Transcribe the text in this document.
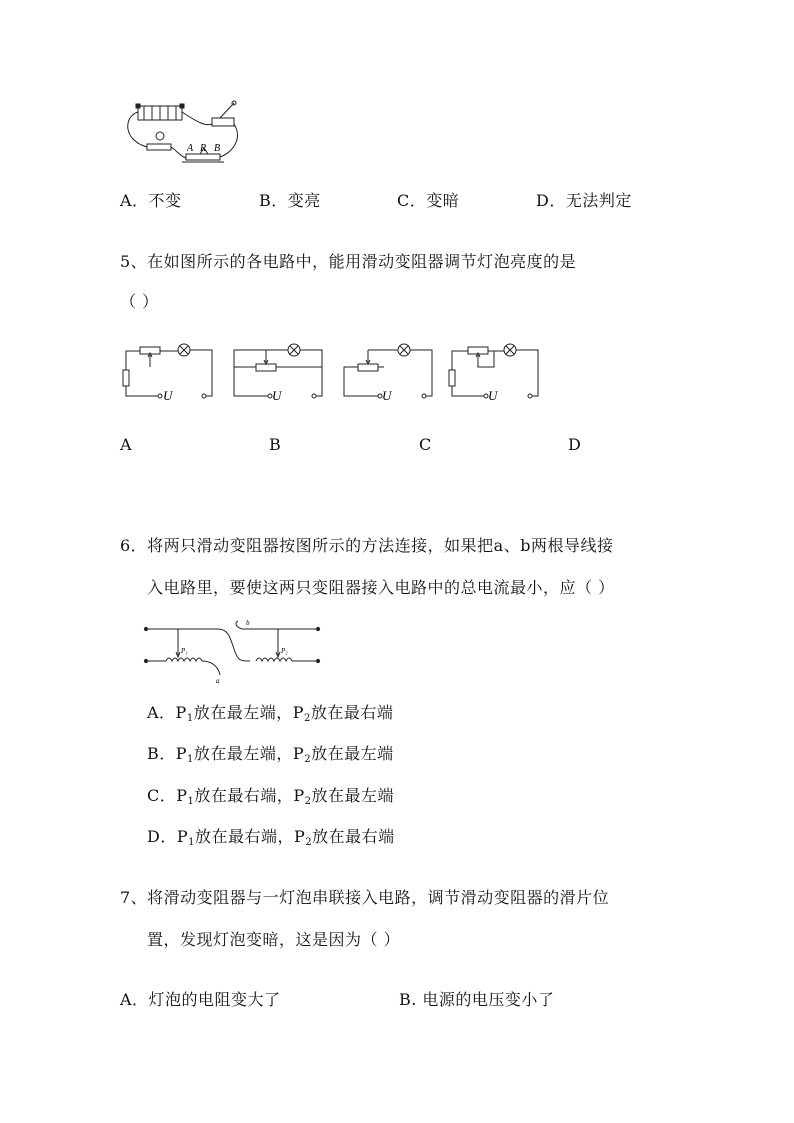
A R B
A．不变	B．变亮	C．变暗	D．无法判定
5、在如图所示的各电路中，能用滑动变阻器调节灯泡亮度的是
（ ）
U	U	U	U
A	B	C	D
6．将两只滑动变阻器按图所示的方法连接，如果把a、b两根导线接
入电路里，要使这两只变阻器接入电路中的总电流最小，应（ ）
P₁	P₂
a
b
A．$P_1$放在最左端，$P_2$放在最右端
B．$P_1$放在最左端，$P_2$放在最左端
C．$P_1$放在最右端，$P_2$放在最左端
D．$P_1$放在最右端，$P_2$放在最右端
7、将滑动变阻器与一灯泡串联接入电路，调节滑动变阻器的滑片位
置，发现灯泡变暗，这是因为（ ）
A．灯泡的电阻变大了	B. 电源的电压变小了
